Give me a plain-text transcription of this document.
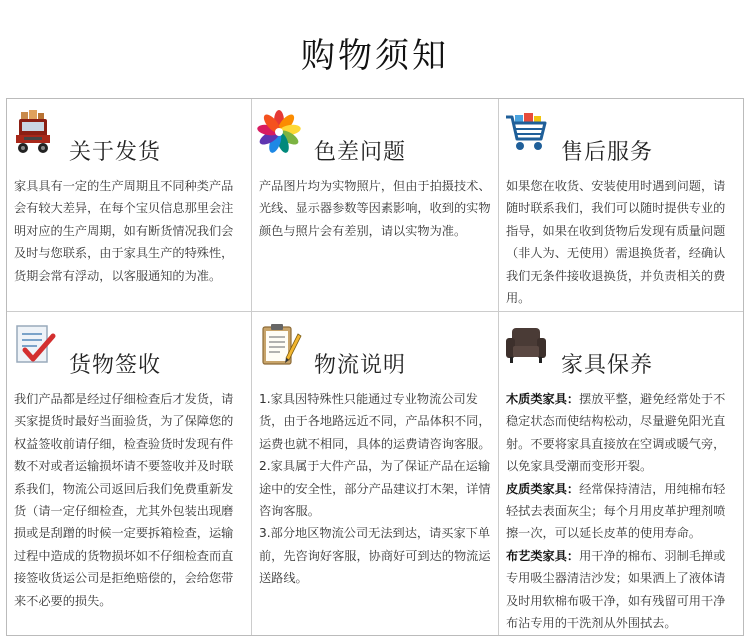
购物须知
关于发货

家具具有一定的生产周期且不同种类产品会有较大差异，在每个宝贝信息那里会注明对应的生产周期，如有断货情况我们会及时与您联系，由于家具生产的特殊性，货期会常有浮动，以客服通知的为准。

色差问题

产品图片均为实物照片，但由于拍摄技术、光线、显示器参数等因素影响，收到的实物颜色与照片会有差别，请以实物为准。

售后服务

如果您在收货、安装使用时遇到问题，请随时联系我们，我们可以随时提供专业的指导，如果在收到货物后发现有质量问题（非人为、无使用）需退换货者，经确认我们无条件接收退换货，并负责相关的费用。

货物签收

我们产品都是经过仔细检查后才发货，请买家提货时最好当面验货，为了保障您的权益签收前请仔细，检查验货时发现有件数不对或者运输损坏请不要签收并及时联系我们，物流公司返回后我们免费重新发货（请一定仔细检查，尤其外包装出现磨损或是刮蹭的时候一定要拆箱检查，运输过程中造成的货物损坏如不仔细检查而直接签收货运公司是拒绝赔偿的，会给您带来不必要的损失。

物流说明

1.家具因特殊性只能通过专业物流公司发货，由于各地路远近不同，产品体积不同，运费也就不相同，具体的运费请咨询客服。

2.家具属于大件产品，为了保证产品在运输途中的安全性，部分产品建议打木架，详情咨询客服。

3.部分地区物流公司无法到达，请买家下单前，先咨询好客服，协商好可到达的物流运送路线。

家具保养

木质类家具：摆放平整，避免经常处于不稳定状态而使结构松动，尽量避免阳光直射。不要将家具直接放在空调或暖气旁，以免家具受潮而变形开裂。

皮质类家具：经常保持清洁，用纯棉布轻轻拭去表面灰尘；每个月用皮革护理剂喷擦一次，可以延长皮革的使用寿命。

布艺类家具：用干净的棉布、羽制毛掸或专用吸尘器清洁沙发；如果洒上了液体请及时用软棉布吸干净，如有残留可用干净布沾专用的干洗剂从外围拭去。
